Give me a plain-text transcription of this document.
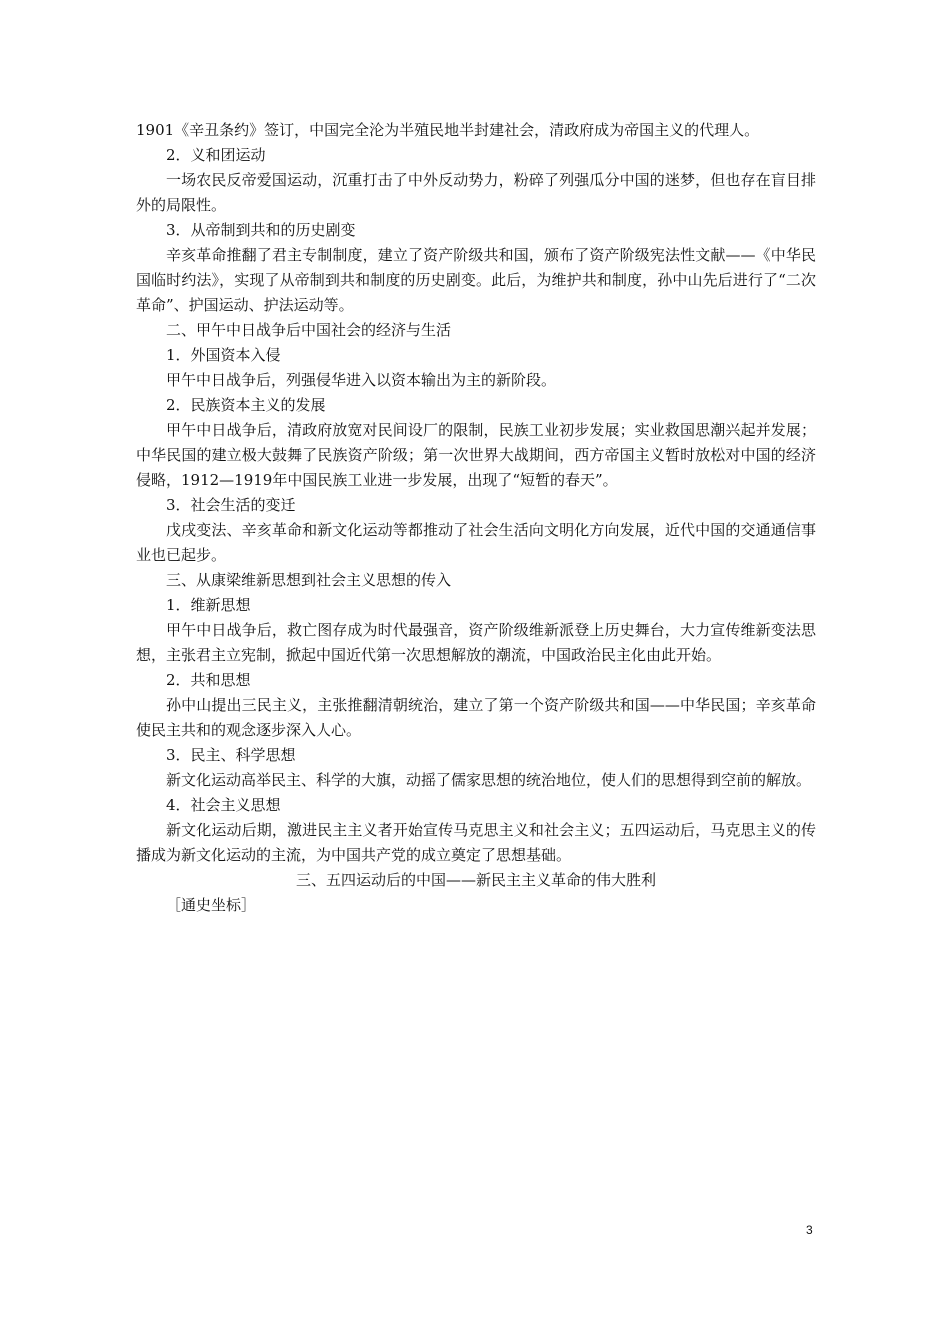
1901《辛丑条约》签订，中国完全沦为半殖民地半封建社会，清政府成为帝国主义的代理人。

2．义和团运动

一场农民反帝爱国运动，沉重打击了中外反动势力，粉碎了列强瓜分中国的迷梦，但也存在盲目排外的局限性。

3．从帝制到共和的历史剧变

辛亥革命推翻了君主专制制度，建立了资产阶级共和国，颁布了资产阶级宪法性文献——《中华民国临时约法》，实现了从帝制到共和制度的历史剧变。此后，为维护共和制度，孙中山先后进行了“二次革命”、护国运动、护法运动等。

二、甲午中日战争后中国社会的经济与生活

1．外国资本入侵

甲午中日战争后，列强侵华进入以资本输出为主的新阶段。

2．民族资本主义的发展

甲午中日战争后，清政府放宽对民间设厂的限制，民族工业初步发展；实业救国思潮兴起并发展；中华民国的建立极大鼓舞了民族资产阶级；第一次世界大战期间，西方帝国主义暂时放松对中国的经济侵略，1912—1919年中国民族工业进一步发展，出现了“短暂的春天”。

3．社会生活的变迁

戊戌变法、辛亥革命和新文化运动等都推动了社会生活向文明化方向发展，近代中国的交通通信事业也已起步。

三、从康梁维新思想到社会主义思想的传入

1．维新思想

甲午中日战争后，救亡图存成为时代最强音，资产阶级维新派登上历史舞台，大力宣传维新变法思想，主张君主立宪制，掀起中国近代第一次思想解放的潮流，中国政治民主化由此开始。

2．共和思想

孙中山提出三民主义，主张推翻清朝统治，建立了第一个资产阶级共和国——中华民国；辛亥革命使民主共和的观念逐步深入人心。

3．民主、科学思想

新文化运动高举民主、科学的大旗，动摇了儒家思想的统治地位，使人们的思想得到空前的解放。

4．社会主义思想

新文化运动后期，激进民主主义者开始宣传马克思主义和社会主义；五四运动后，马克思主义的传播成为新文化运动的主流，为中国共产党的成立奠定了思想基础。

三、五四运动后的中国——新民主主义革命的伟大胜利

［通史坐标］

3
